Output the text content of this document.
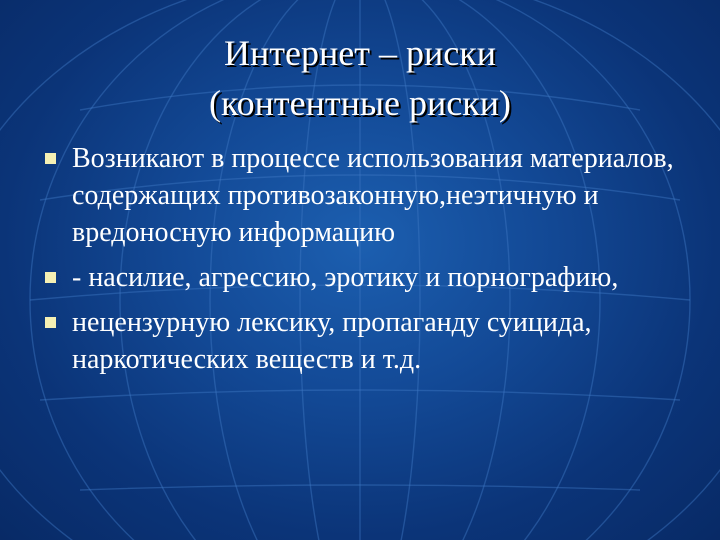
Интернет – риски
(контентные риски)
Возникают в процессе использования материалов, содержащих противозаконную,неэтичную и вредоносную информацию
- насилие, агрессию, эротику и порнографию,
нецензурную лексику, пропаганду суицида, наркотических веществ и т.д.
